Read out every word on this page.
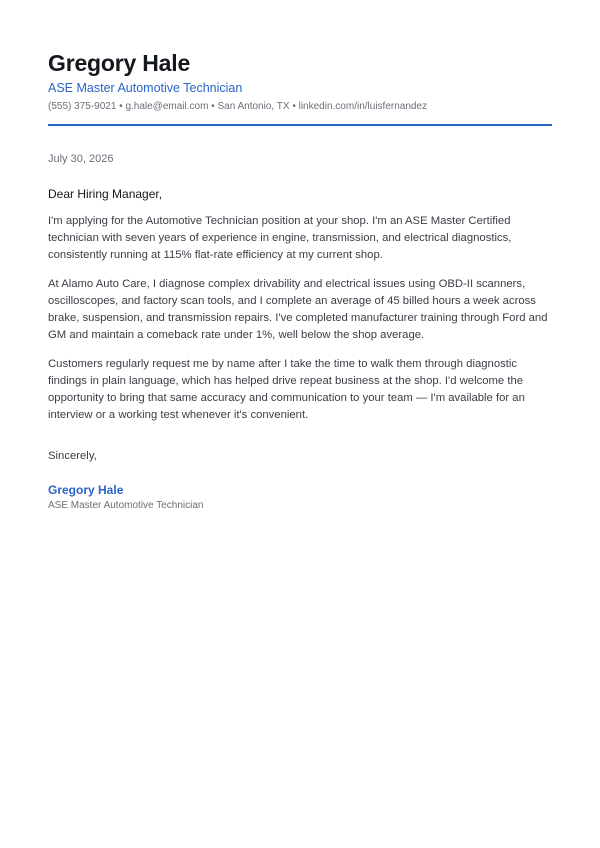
Gregory Hale
ASE Master Automotive Technician
(555) 375-9021 • g.hale@email.com • San Antonio, TX • linkedin.com/in/luisfernandez
July 30, 2026
Dear Hiring Manager,

I'm applying for the Automotive Technician position at your shop. I'm an ASE Master Certified technician with seven years of experience in engine, transmission, and electrical diagnostics, consistently running at 115% flat-rate efficiency at my current shop.

At Alamo Auto Care, I diagnose complex drivability and electrical issues using OBD-II scanners, oscilloscopes, and factory scan tools, and I complete an average of 45 billed hours a week across brake, suspension, and transmission repairs. I've completed manufacturer training through Ford and GM and maintain a comeback rate under 1%, well below the shop average.

Customers regularly request me by name after I take the time to walk them through diagnostic findings in plain language, which has helped drive repeat business at the shop. I'd welcome the opportunity to bring that same accuracy and communication to your team — I'm available for an interview or a working test whenever it's convenient.

Sincerely,
Gregory Hale
ASE Master Automotive Technician
